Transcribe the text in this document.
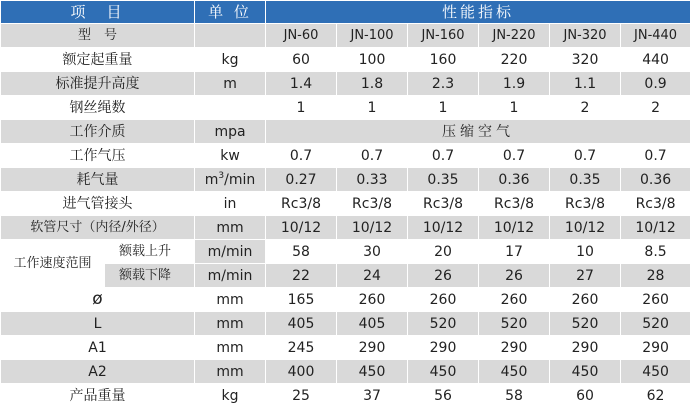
项　目		单 位	性能指标					
型　号			JN-60	JN-100	JN-160	JN-220	JN-320	JN-440
额定起重量		kg	60	100	160	220	320	440
标准提升高度		m	1.4	1.8	2.3	1.9	1.1	0.9
钢丝绳数			1	1	1	1	2	2
工作介质		mpa	压缩空气					
工作气压		kw	0.7	0.7	0.7	0.7	0.7	0.7
耗气量		$m^3/\min$	0.27	0.33	0.35	0.36	0.35	0.36
进气管接头		in	Rc3/8	Rc3/8	Rc3/8	Rc3/8	Rc3/8	Rc3/8
软管尺寸（内径/外径）		mm	10/12	10/12	10/12	10/12	10/12	10/12
工作速度范围	额载上升	m/min	58	30	20	17	10	8.5
	额载下降	m/min	22	24	26	26	27	28
ø		mm	165	260	260	260	260	260
L		mm	405	405	520	520	520	520
A1		mm	245	290	290	290	290	290
A2		mm	400	450	450	450	450	450
产品重量		kg	25	37	56	58	60	62
